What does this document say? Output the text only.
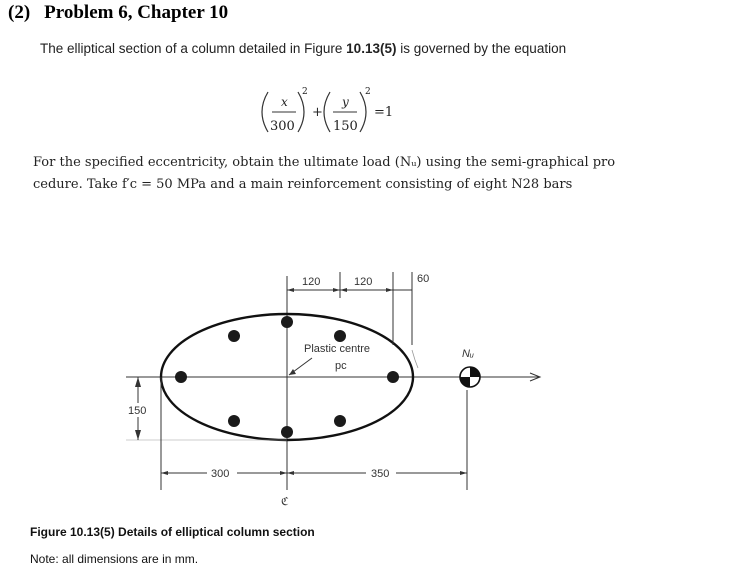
(2) Problem 6, Chapter 10
The elliptical section of a column detailed in Figure 10.13(5) is governed by the equation
x
300
2
+
y
150
2
=1
Plastic centre
pc
120	120	60
150
300	350
ℭ
Nᵤ
For the specified eccentricity, obtain the ultimate load (Nᵤ) using the semi-graphical pro
cedure. Take f′c = 50 MPa and a main reinforcement consisting of eight N28 bars
Figure 10.13(5) Details of elliptical column section
Note: all dimensions are in mm.
